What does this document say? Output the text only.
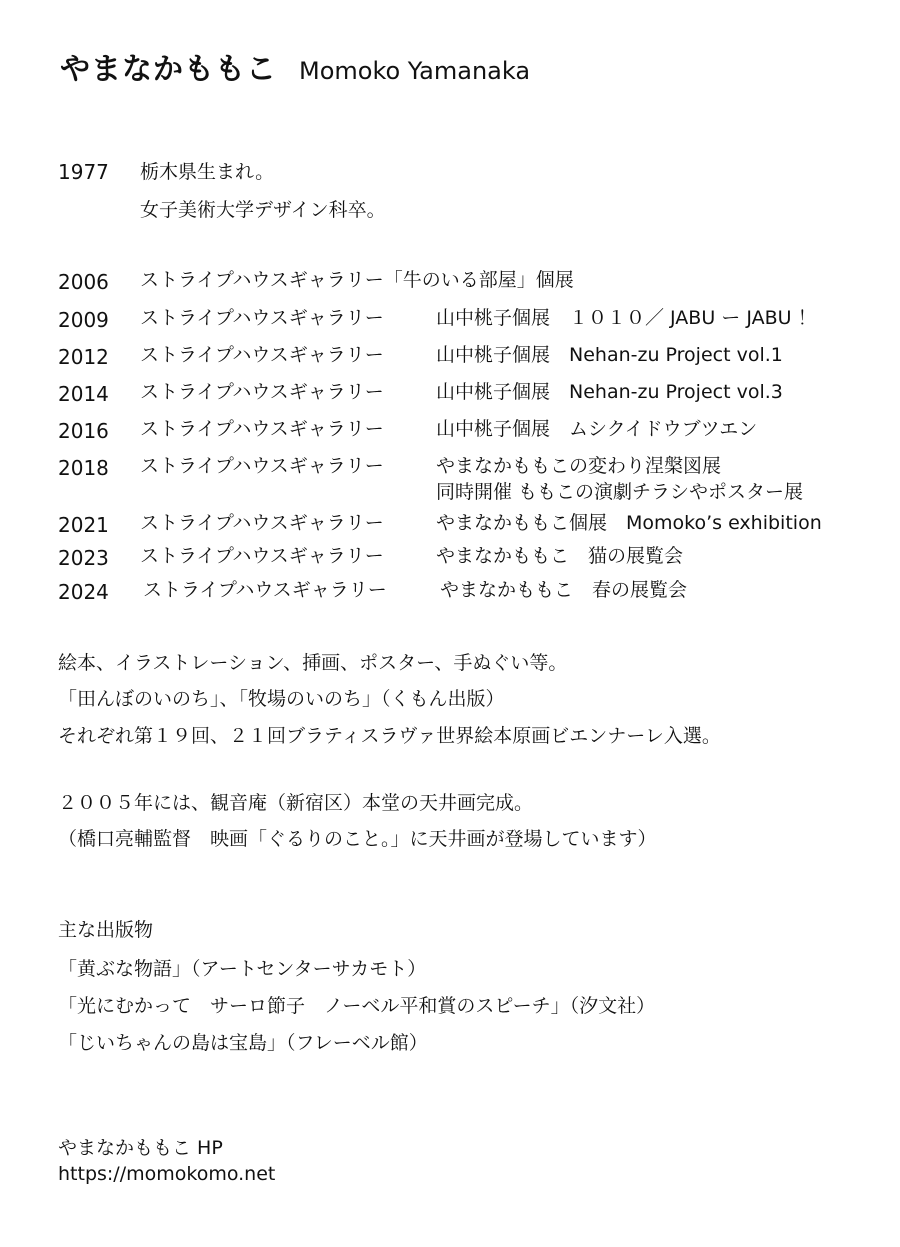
やまなかももこ Momoko Yamanaka
1977 栃木県生まれ。
女子美術大学デザイン科卒。
2006 ストライプハウスギャラリー「牛のいる部屋」個展
2009 ストライプハウスギャラリー	山中桃子個展　１０１０／ JABU ー JABU ！
2012 ストライプハウスギャラリー	山中桃子個展　Nehan-zu Project vol.1
2014 ストライプハウスギャラリー	山中桃子個展　Nehan-zu Project vol.3
2016 ストライプハウスギャラリー	山中桃子個展　ムシクイドウブツエン
2018 ストライプハウスギャラリー	やまなかももこの変わり涅槃図展
同時開催 ももこの演劇チラシやポスター展
2021 ストライプハウスギャラリー	やまなかももこ個展　Momoko’s exhibition
2023 ストライプハウスギャラリー	やまなかももこ　猫の展覧会
2024 ストライプハウスギャラリー	やまなかももこ　春の展覧会
絵本、イラストレーション、挿画、ポスター、手ぬぐい等。
「田んぼのいのち」、「牧場のいのち」（くもん出版）
それぞれ第１９回、２１回ブラティスラヴァ世界絵本原画ビエンナーレ入選。
２００５年には、観音庵（新宿区）本堂の天井画完成。
（橋口亮輔監督　映画「ぐるりのこと。」に天井画が登場しています）
主な出版物
「黄ぶな物語」（アートセンターサカモト）
「光にむかって　サーロ節子　ノーベル平和賞のスピーチ」（汐文社）
「じいちゃんの島は宝島」（フレーベル館）
やまなかももこ HP
https://momokomo.net
